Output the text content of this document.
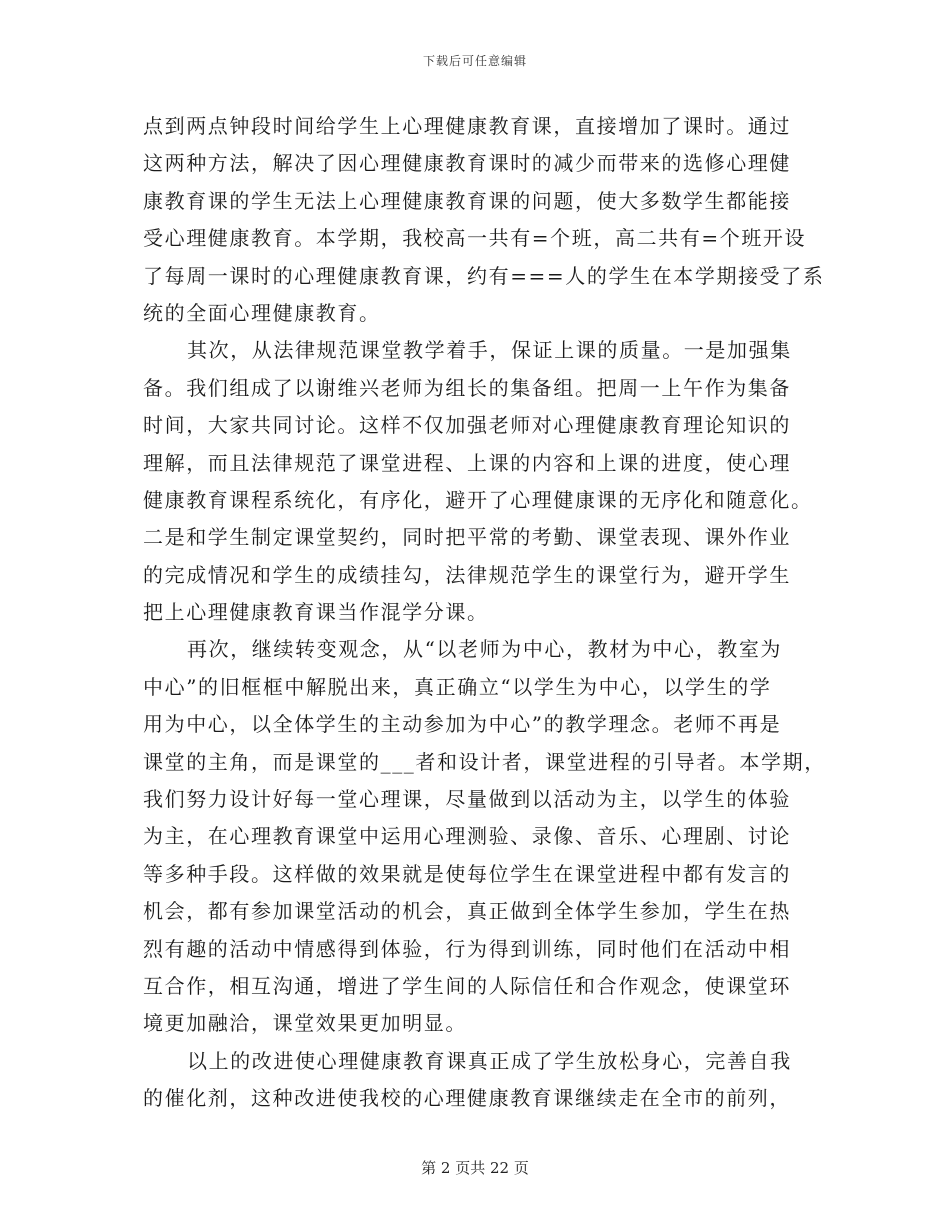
下载后可任意编辑
点到两点钟段时间给学生上心理健康教育课，直接增加了课时。通过
这两种方法，解决了因心理健康教育课时的减少而带来的选修心理健
康教育课的学生无法上心理健康教育课的问题，使大多数学生都能接
受心理健康教育。本学期，我校高一共有=个班，高二共有=个班开设
了每周一课时的心理健康教育课，约有===人的学生在本学期接受了系
统的全面心理健康教育。
其次，从法律规范课堂教学着手，保证上课的质量。一是加强集
备。我们组成了以谢维兴老师为组长的集备组。把周一上午作为集备
时间，大家共同讨论。这样不仅加强老师对心理健康教育理论知识的
理解，而且法律规范了课堂进程、上课的内容和上课的进度，使心理
健康教育课程系统化，有序化，避开了心理健康课的无序化和随意化。
二是和学生制定课堂契约，同时把平常的考勤、课堂表现、课外作业
的完成情况和学生的成绩挂勾，法律规范学生的课堂行为，避开学生
把上心理健康教育课当作混学分课。
再次，继续转变观念，从“以老师为中心，教材为中心，教室为
中心”的旧框框中解脱出来，真正确立“以学生为中心，以学生的学
用为中心，以全体学生的主动参加为中心”的教学理念。老师不再是
课堂的主角，而是课堂的___者和设计者，课堂进程的引导者。本学期，
我们努力设计好每一堂心理课，尽量做到以活动为主，以学生的体验
为主，在心理教育课堂中运用心理测验、录像、音乐、心理剧、讨论
等多种手段。这样做的效果就是使每位学生在课堂进程中都有发言的
机会，都有参加课堂活动的机会，真正做到全体学生参加，学生在热
烈有趣的活动中情感得到体验，行为得到训练，同时他们在活动中相
互合作，相互沟通，增进了学生间的人际信任和合作观念，使课堂环
境更加融洽，课堂效果更加明显。
以上的改进使心理健康教育课真正成了学生放松身心，完善自我
的催化剂，这种改进使我校的心理健康教育课继续走在全市的前列，
第 2 页共 22 页
